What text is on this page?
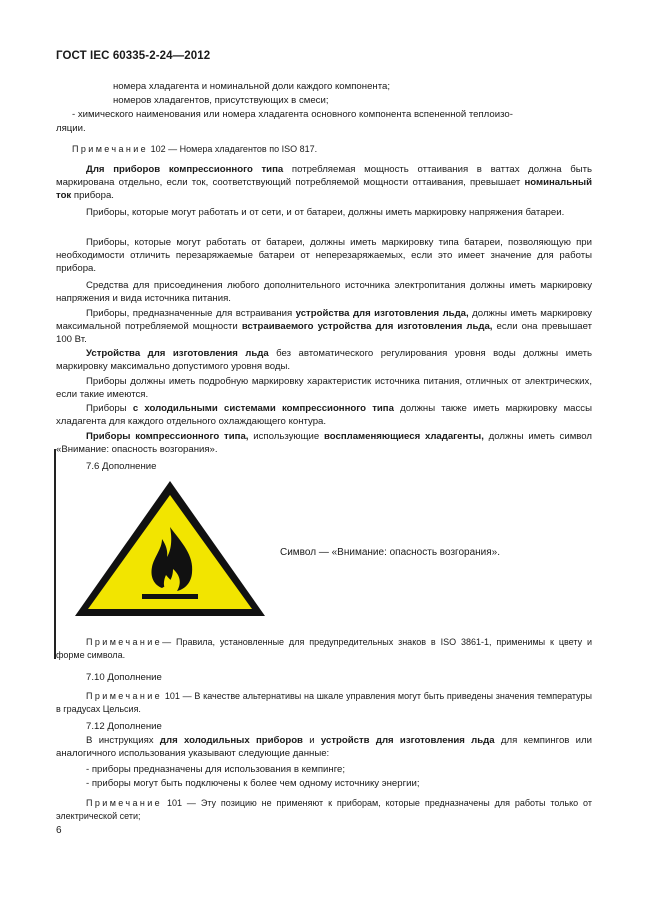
ГОСТ IEC 60335-2-24—2012
номера хладагента и номинальной доли каждого компонента;
номеров хладагентов, присутствующих в смеси;
- химического наименования или номера хладагента основного компонента вспененной теплоизо-
ляции.
Примечание 102 — Номера хладагентов по ISO 817.
Для приборов компрессионного типа потребляемая мощность оттаивания в ваттах должна быть маркирована отдельно, если ток, соответствующий потребляемой мощности оттаивания, превышает номинальный ток прибора.
Приборы, которые могут работать и от сети, и от батареи, должны иметь маркировку напряжения батареи.
Приборы, которые могут работать от батареи, должны иметь маркировку типа батареи, позволяющую при необходимости отличить перезаряжаемые батареи от неперезаряжаемых, если это имеет значение для работы прибора.
Средства для присоединения любого дополнительного источника электропитания должны иметь маркировку напряжения и вида источника питания.
Приборы, предназначенные для встраивания устройства для изготовления льда, должны иметь маркировку максимальной потребляемой мощности встраиваемого устройства для изготовления льда, если она превышает 100 Вт.
Устройства для изготовления льда без автоматического регулирования уровня воды должны иметь маркировку максимально допустимого уровня воды.
Приборы должны иметь подробную маркировку характеристик источника питания, отличных от электрических, если такие имеются.
Приборы с холодильными системами компрессионного типа должны также иметь маркировку массы хладагента для каждого отдельного охлаждающего контура.
Приборы компрессионного типа, использующие воспламеняющиеся хладагенты, должны иметь символ «Внимание: опасность возгорания».
7.6 Дополнение
Символ — «Внимание: опасность возгорания».
Примечание— Правила, установленные для предупредительных знаков в ISO 3861-1, применимы к цвету и форме символа.
7.10 Дополнение
Примечание 101 — В качестве альтернативы на шкале управления могут быть приведены значения температуры в градусах Цельсия.
7.12 Дополнение
В инструкциях для холодильных приборов и устройств для изготовления льда для кемпингов или аналогичного использования указывают следующие данные:
- приборы предназначены для использования в кемпинге;
- приборы могут быть подключены к более чем одному источнику энергии;
Примечание 101 — Эту позицию не применяют к приборам, которые предназначены для работы только от электрической сети;
6
